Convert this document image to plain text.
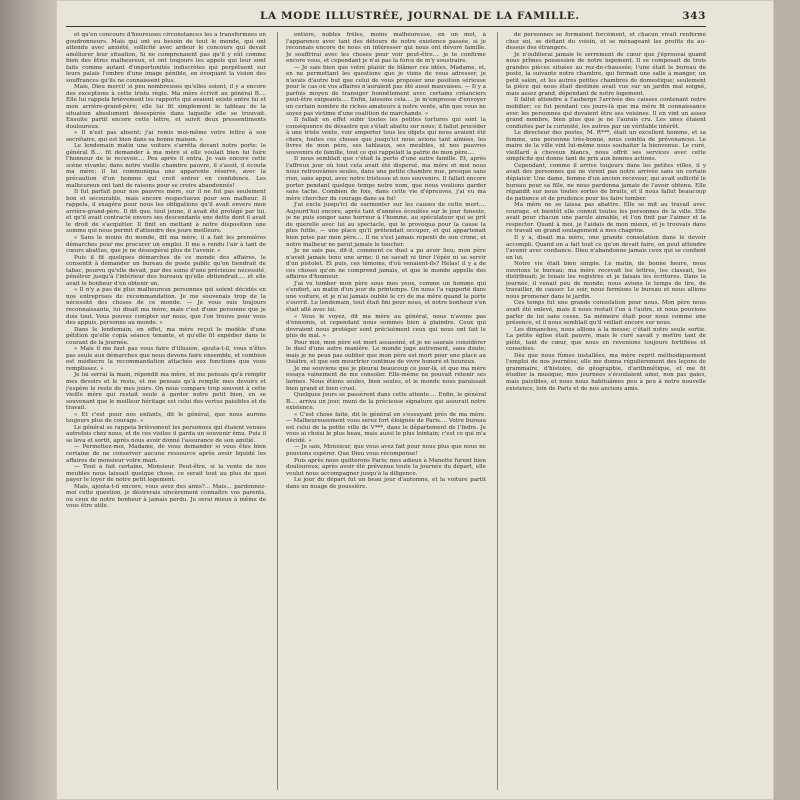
LA MODE ILLUSTRÉE, JOURNAL DE LA FAMILLE.	343

et qu'en concours d'heureuses circonstances les a transformées en goudronneurs. Mais qui ont eu besoin de tout le monde, qui ont attendu avec anxiété, sollicité avec ardeur le concours qui devait améliorer leur situation, Si ne comprenaient pas qu'il y eût comme bien des êtres malheureux, et ont toujours les appels qui leur sont faits comme autant d'importunités indiscrètes qui perpétuent sur leurs palais l'ombre d'une image pénible, en évoquant la vision des souffrances qu'ils ne connaissent plus.

Mais, Dieu merci! si peu nombreuses qu'elles soient, il y a encore des exceptions à cette triste règle. Ma mère écrivit au général B.... Elle lui rappela brièvement les rapports qui avaient existé entre lui et mon arrière-grand-père; elle lui fit simplement le tableau de la situation absolument désespérée dans laquelle elle se trouvait. Ensuite partit encore cette lettre, et suivit deux pressentiments douloureux.

« Il n'est pas absent; j'ai remis moi-même votre lettre à son secrétaire, qui est bien dans sa bonne maison. »

Le lendemain matin une voiture s'arrêta devant notre porte: le général B.... fit demander à ma mère si elle voulait bien lui faire l'honneur de le recevoir.... Peu après il entra. Je vais encore cette scène vivante; dans notre vieille chambre pauvre, il s'assit, il écouta ma mère; il lui communiqua une apparente réserve, avec la précaution d'un homme qui croit entrer en confidence. Les malheureux ont tant de raisons pour se croire abandonnés!

Il fut parfait pour nos pauvres mère, sur il ne fut pas seulement bon et secourable, mais encore respectueux pour son malheur. Il rappela, il exagéra pour nous les obligations qu'il avait envers mon arrière-grand-père. Il dit que, tout jeune, il avait été protégé par lui, et qu'il avait contracté envers ses descendants une dette dont il avait le droit de s'acquitter. Il finit en mettant à notre disposition une somme qui nous permit d'attendre des jours meilleurs.

« Sans le moins du monde, dit ma mère, il a fait les premières démarches pour me procurer un emploi. Il me a rendu l'air à tant de cœurs abattus, que je ne désespérai plus de l'avenir. »

Puis il fit quelques démarches de ce monde des affaires, le consentit à demander un bureau de poste public qu'on tiendrait de tabac, pourvu qu'elle devait, par des soins d'une précieuse nécessité, pénétrer jusqu'à l'intérieur des bureaux qu'elle obtiendrait.... et elle avait le bonheur d'en obtenir un.

« Il n'y a pas de plus malheureux personnes qui soient décidés en nos entreprises de recommandation. Je me souvenais trop de la nécessité des choses de ce monde. — Je vous suis toujours reconnaissante, lui disait ma mère, mais c'est d'une personne que je dois tout. Vous pouvez compter sur nous, que l'on trouve pour vous des appuis, personne au monde. »

Dans le lendemain, en effet, ma mère reçut le modèle d'une pétition qu'elle copia séance tenante, et qu'elle fit expédier dans le courant de la journée.

« Mais il me faut pas vous faire d'illusion, ajouta-t-il, vous n'êtes pas seule aux démarches que nous devons faire ensemble, et combien est médiocre la recommandation attachée aux fonctions que vous remplissez. »

Je lui serrai la main, répondit ma mère, et me pensais qu'à remplir mes devoirs et le reste, et me pensais qu'à remplir mes devoirs et j'espère le reste de mes jours. On nous compare trop souvent à cette vieille mère qui restait seule à garder notre petit bien, en se souvenant que le meilleur héritage est celui des vertus paisibles et du travail.

« Et c'est pour nos enfants, dit le général, que nous aurons toujours plus de courage. »

Le général se rappela brièvement les personnes qui étaient venues autrefois chez nous, et de ces visites il garda un souvenir ému. Puis il se leva et sortit, après nous avoir donné l'assurance de son amitié.

— Permettez-moi, Madame, de vous demander si vous êtes bien certaine de ne conserver aucune ressource après avoir liquidé les affaires de monsieur votre mari.

— Tout à fait certaine, Monsieur. Peut-être, si la vente de nos meubles nous laissait quelque chose, ce serait tout au plus de quoi payer le loyer de notre petit logement.

Mais, ajouta-t-il encore, vous avez des amis?... Mais... pardonnez-moi cette question, je désirerais sincèrement connaître vos parents, ou ceux de notre bonheur à jamais perdu. Je serai mieux à même de vous être utile.

entière, nobles frêles, moins malheureuse, en un mot, à l'apparence avec tant des détours de notre existence passée, si je reconnais encore de nous en intéresser qui nous ont dévoré famille. Je souffrirai avec les choses pour voir peut-être.... je te confirme encore vous, et cependant je n'ai pas la force de m'y soustraire.

— Je sais bien que votre plaisir de blâmer ces idées, Madame, et, en ne permettant les questions que je viens de vous adresser, je n'avais d'autre but que celui de vous proposer une position sérieuse pour le cas où vos affaires n'auraient pas été aussi mauvaises. — Il y a parfois moyen de transiger honnêtement avec certains créanciers peut-être exigeants.... Enfin, laissons cela.... je m'empresse d'envoyer un certain nombre de riches amateurs à notre vente, afin que vous ne soyez pas victime d'une coalition de marchands. »

Il fallait en effet subir toutes les petites tortures qui sont la conséquence du désastre qui s'était abattu sur nous; il fallut procéder à une triste vente, voir emporter tous les objets qui nous avaient été chers, toutes ces choses que jusqu'ici nous avions tant aimées, les livres de mon père, ses tableaux, ses meubles, et nos pauvres souvenirs de famille, tout ce qui rappelait la patrie de mon père....

Il nous semblait que c'était la perte d'une autre famille. Et, après l'affreux jour où tout cela avait été dispersé, ma mère et moi nous nous retrouvâmes seules, dans une petite chambre nue, presque sans rien, sans appui, avec notre tristesse et nos souvenirs. Il fallait encore porter pendant quelque temps notre nom, que nous voulions garder sans tache. Combien de fois, dans cette vie d'épreuves, j'ai vu ma mère chercher du courage dans sa foi!

J'ai exclu jusqu'ici de surmonter sur les causes de cette mort.... Aujourd'hui encore, après tant d'années écoulées sur le jour funeste, je ne puis songer sans horreur à l'homme, au spéculateur qui se prit de querelle avec lui au spectacle, qui le provoqua pour la cause la plus futile, — une place qu'il prétendait occuper, et qui appartenait bien prise par mon père.... Il ne s'est jamais repenti de son crime, et notre malheur ne parut jamais le toucher.

Je ne sais pas, dit-il, comment ce duel a pu avoir lieu; mon père n'avait jamais tenu une arme; il ne savait ni tirer l'épée ni se servir d'un pistolet. Et puis, ces témoins, d'où venaient-ils? Hélas! il y a de ces choses qu'on ne comprend jamais, et que le monde appelle des affaires d'honneur.

J'ai vu tomber mon père sous mes yeux, comme un homme qui s'endort, au matin d'un jour de printemps. On nous l'a rapporté dans une voiture, et je n'ai jamais oublié le cri de ma mère quand la porte s'ouvrit. Le lendemain, tout était fini pour nous, et notre bonheur s'en était allé avec lui.

« Vous le voyez, dit ma mère au général, nous n'avons pas d'ennemis, et cependant nous sommes bien à plaindre. Ceux qui devraient nous protéger sont précisément ceux qui nous ont fait le plus de mal. »

Pour moi, mon père est mort assassiné, et je ne saurais considérer le duel d'une autre manière. Le monde juge autrement, sans doute; mais je ne peux pas oublier que mon père est mort pour une place au théâtre, et que son meurtrier continue de vivre honoré et heureux.

Je me souviens que je pleurai beaucoup ce jour-là, et que ma mère essaya vainement de me consoler. Elle-même ne pouvait retenir ses larmes. Nous étions seules, bien seules, et le monde nous paraissait bien grand et bien cruel.

Quelques jours se passèrent dans cette attente.... Enfin, le général B.... arriva un jour, muni de la précieuse signature qui assurait notre existence.

« C'est chose faite, dit le général en s'essuyant près de ma mère. — Malheureusement vous serez fort éloignée de Paris.... Votre bureau est celui de la petite ville de V***, dans le département de l'Indre. Je vous ai choisi le plus beau, mais aussi le plus lointain; c'est ce qui m'a décidé. »

— Je sais, Monsieur, que vous avez fait pour nous plus que nous ne pouvions espérer. Que Dieu vous récompense!

Puis après nous quitterons Paris; mes adieux à Manette furent bien douloureux; après avoir été prévenue toute la journée du départ, elle voulut nous accompagner jusqu'à la diligence.

Le jour du départ fut un beau jour d'automne, et la voiture partit dans un nuage de poussière.

de personnes se formaient forcément, et chacun vivait renfermé chez soi, se défiant du voisin, et se ménageant les profits du au-dessus des étrangers.

Je n'oublierai jamais le serrement de cœur que j'éprouvai quand nous prîmes possession de notre logement. Il se composait de trois grandes pièces situées au rez-de-chaussée; l'une était le bureau de poste, la suivante notre chambre, qui formait une salle à manger, un petit salon, et les autres petites chambres de domestique; seulement la pièce qui nous était destinée avait vue sur un jardin mal soigné, mais assez grand, dépendant de notre logement.

Il fallut attendre à l'auberge l'arrivée des caisses contenant notre mobilier; ce fut pendant ces jours-là que ma mère fit connaissance avec les personnes qui devaient être ses voisines. Il en vint un assez grand nombre, bien plus que je ne l'aurais cru. Les unes étaient conduites par la curiosité, les autres par un véritable intérêt.

Le directeur des postes, M. R***, était un excellent homme, et sa femme, une personne très-bonne, nous combla de prévenances. Le maire de la ville vint lui-même nous souhaiter la bienvenue. Le curé, vieillard à cheveux blancs, nous offrit ses services avec cette simplicité qui donne tant de prix aux bonnes actions.

Cependant, comme il arrive toujours dans les petites villes, il y avait des personnes qui ne virent pas notre arrivée sans un certain déplaisir. Une dame, femme d'un ancien receveur, qui avait sollicité le bureau pour sa fille, ne nous pardonna jamais de l'avoir obtenu. Elle répandit sur nous toutes sortes de bruits, et il nous fallut beaucoup de patience et de prudence pour les faire tomber.

Ma mère ne se laissa pas abattre. Elle se mit au travail avec courage, et bientôt elle connut toutes les personnes de la ville. Elle avait pour chacun une parole aimable, et l'on finit par l'aimer et la respecter. Quant à moi, je l'aidais de mon mieux, et je trouvais dans ce travail un grand soulagement à mes chagrins.

Il y a, disait ma mère, une grande consolation dans le devoir accompli. Quand on a fait tout ce qu'on devait faire, on peut attendre l'avenir avec confiance. Dieu n'abandonne jamais ceux qui se confient en lui.

Notre vie était bien simple. Le matin, de bonne heure, nous ouvrions le bureau; ma mère recevait les lettres, les classait, les distribuait; je tenais les registres et je faisais les écritures. Dans la journée, il venait peu de monde; nous avions le temps de lire, de travailler, de causer. Le soir, nous fermions le bureau et nous allions nous promener dans le jardin.

Ces temps fut une grande consolation pour nous. Mon père nous avait été enlevé, mais il nous restait l'un à l'autre, et nous pouvions parler de lui sans cesse. Sa mémoire était pour nous comme une présence, et il nous semblait qu'il veillait encore sur nous.

Les dimanches, nous allions à la messe; c'était notre seule sortie. La petite église était pauvre, mais le curé savait y mettre tant de piété, tant de cœur, que nous en revenions toujours fortifiées et consolées.

Dès que nous fûmes installées, ma mère reprit méthodiquement l'emploi de nos journées; elle me donna régulièrement des leçons de grammaire, d'histoire, de géographie, d'arithmétique, et me fit étudier la musique; mes journées s'écoulaient ainsi, non pas gaies, mais paisibles, et nous nous habituâmes peu à peu à notre nouvelle existence, loin de Paris et de nos anciens amis.
